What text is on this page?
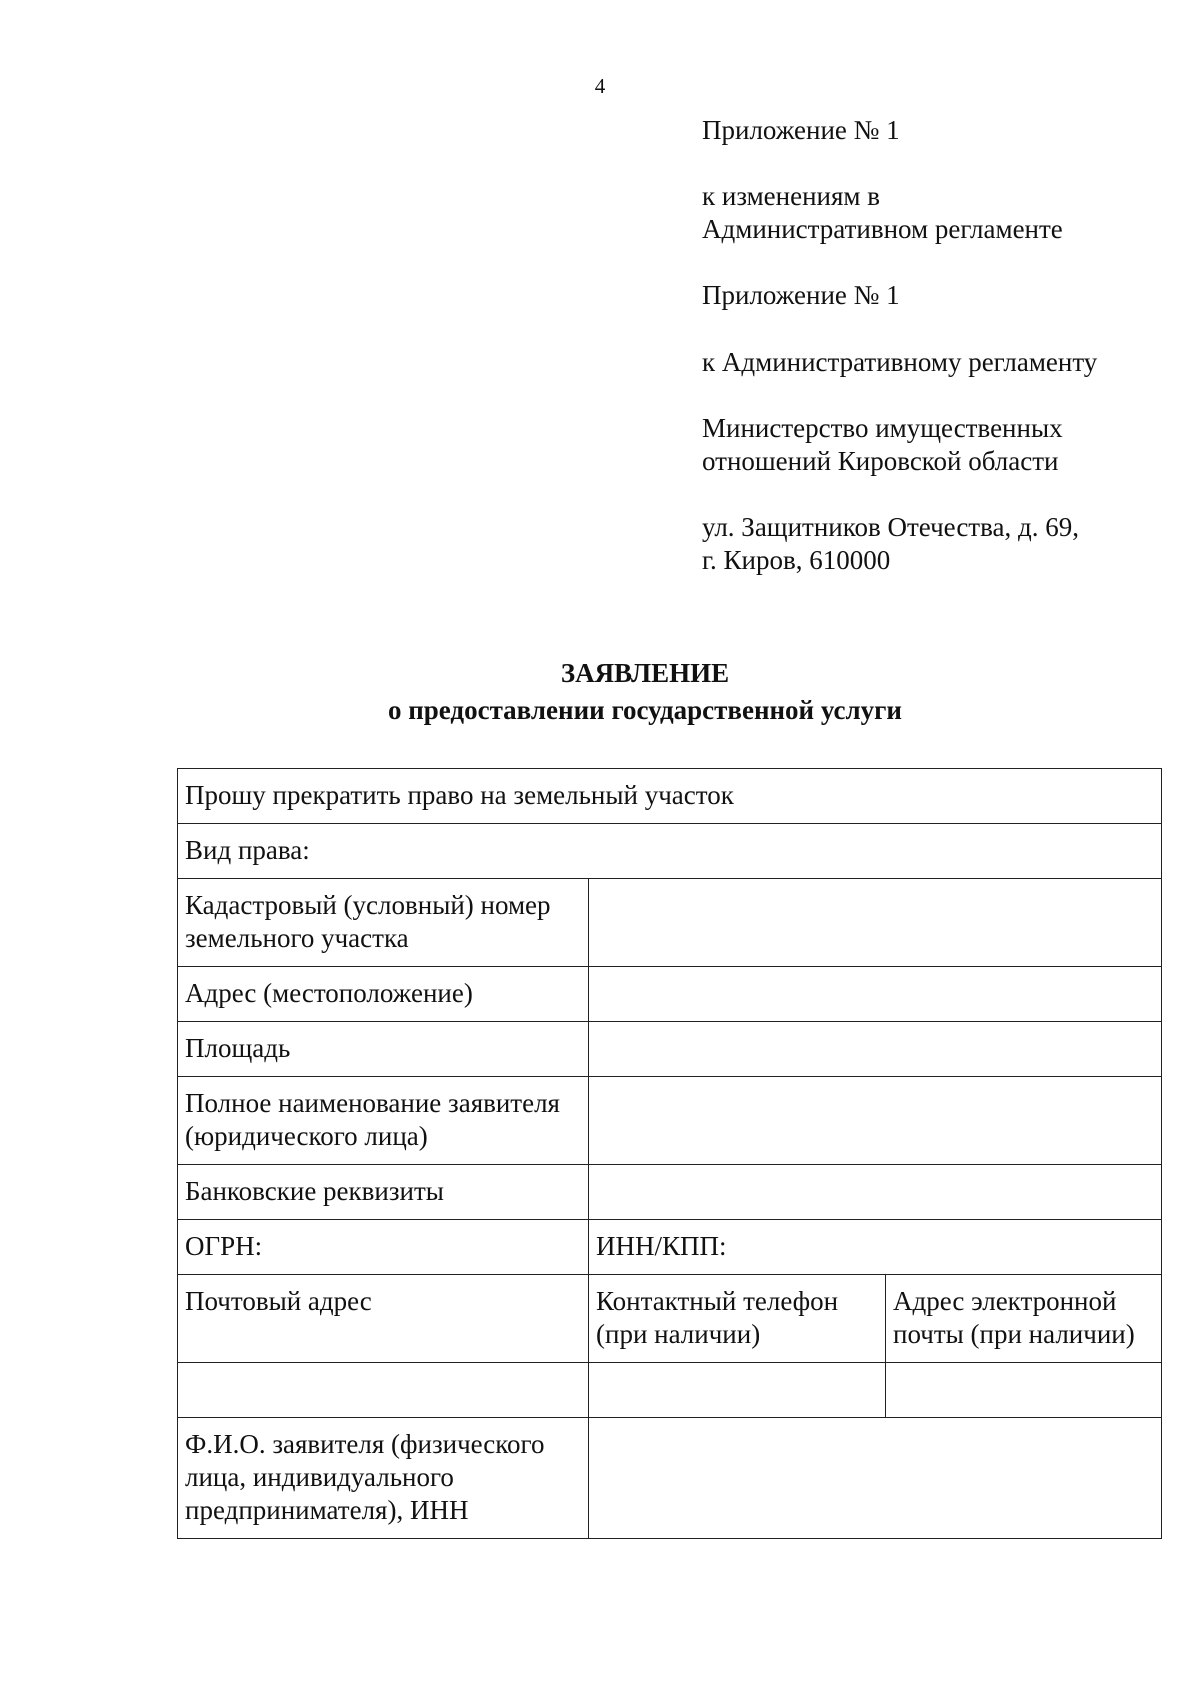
4

Приложение № 1

к изменениям в

Административном регламенте

Приложение № 1

к Административному регламенту

Министерство имущественных

отношений Кировской области

ул. Защитников Отечества, д. 69,

г. Киров, 610000

ЗАЯВЛЕНИЕ
о предоставлении государственной услуги
Прошу прекратить право на земельный участок		
Вид права:		
Кадастровый (условный) номер земельного участка		
Адрес (местоположение)		
Площадь		
Полное наименование заявителя (юридического лица)		
Банковские реквизиты		
ОГРН:	ИНН/КПП:	
Почтовый адрес	Контактный телефон (при наличии)	Адрес электронной почты (при наличии)

Ф.И.О. заявителя (физического лица, индивидуального предпринимателя), ИНН		
